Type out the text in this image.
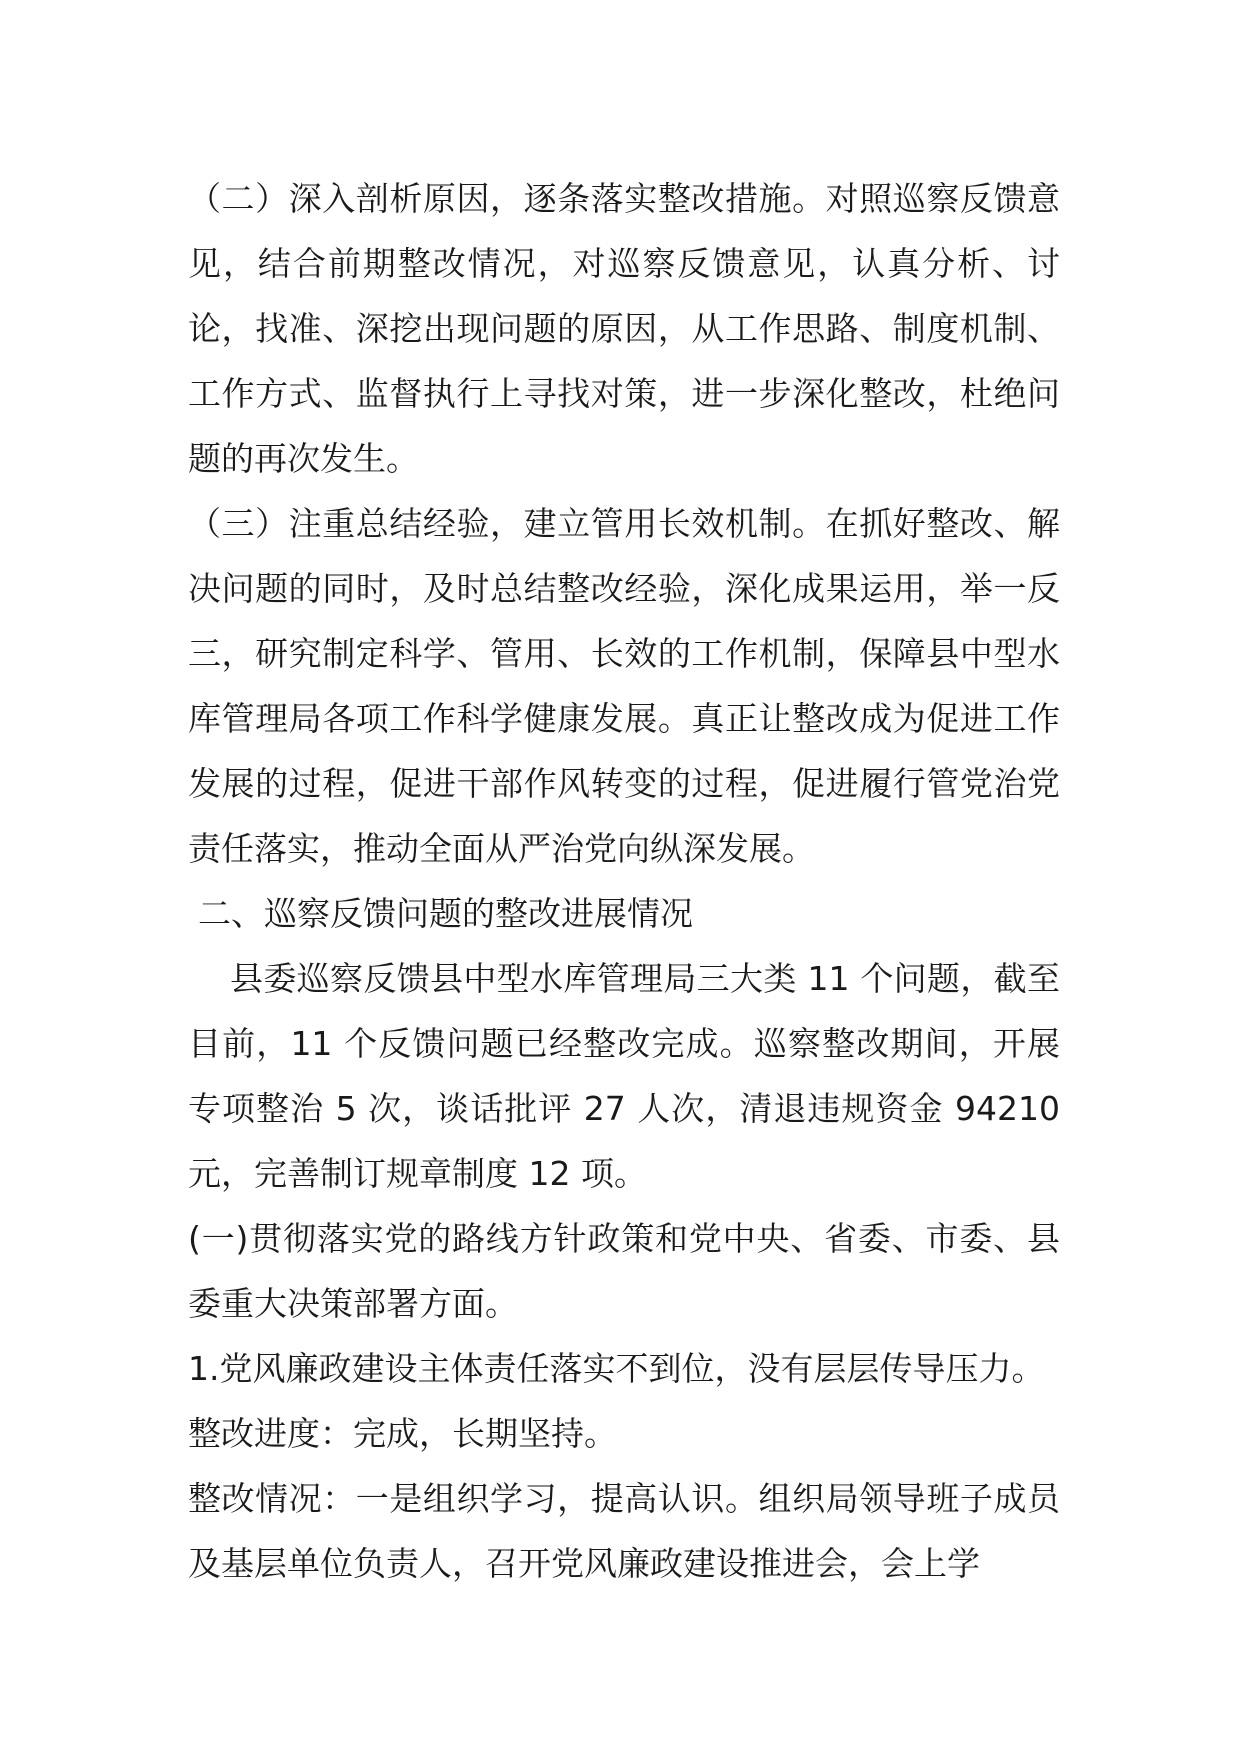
（二）深入剖析原因，逐条落实整改措施。对照巡察反馈意见，结合前期整改情况，对巡察反馈意见，认真分析、讨论，找准、深挖出现问题的原因，从工作思路、制度机制、工作方式、监督执行上寻找对策，进一步深化整改，杜绝问题的再次发生。

（三）注重总结经验，建立管用长效机制。在抓好整改、解决问题的同时，及时总结整改经验，深化成果运用，举一反三，研究制定科学、管用、长效的工作机制，保障县中型水库管理局各项工作科学健康发展。真正让整改成为促进工作发展的过程，促进干部作风转变的过程，促进履行管党治党责任落实，推动全面从严治党向纵深发展。

二、巡察反馈问题的整改进展情况

县委巡察反馈县中型水库管理局三大类 11 个问题，截至目前，11 个反馈问题已经整改完成。巡察整改期间，开展专项整治 5 次，谈话批评 27 人次，清退违规资金 94210 元，完善制订规章制度 12 项。

(一)贯彻落实党的路线方针政策和党中央、省委、市委、县委重大决策部署方面。

1.党风廉政建设主体责任落实不到位，没有层层传导压力。

整改进度：完成，长期坚持。

整改情况：一是组织学习，提高认识。组织局领导班子成员及基层单位负责人，召开党风廉政建设推进会，会上学
